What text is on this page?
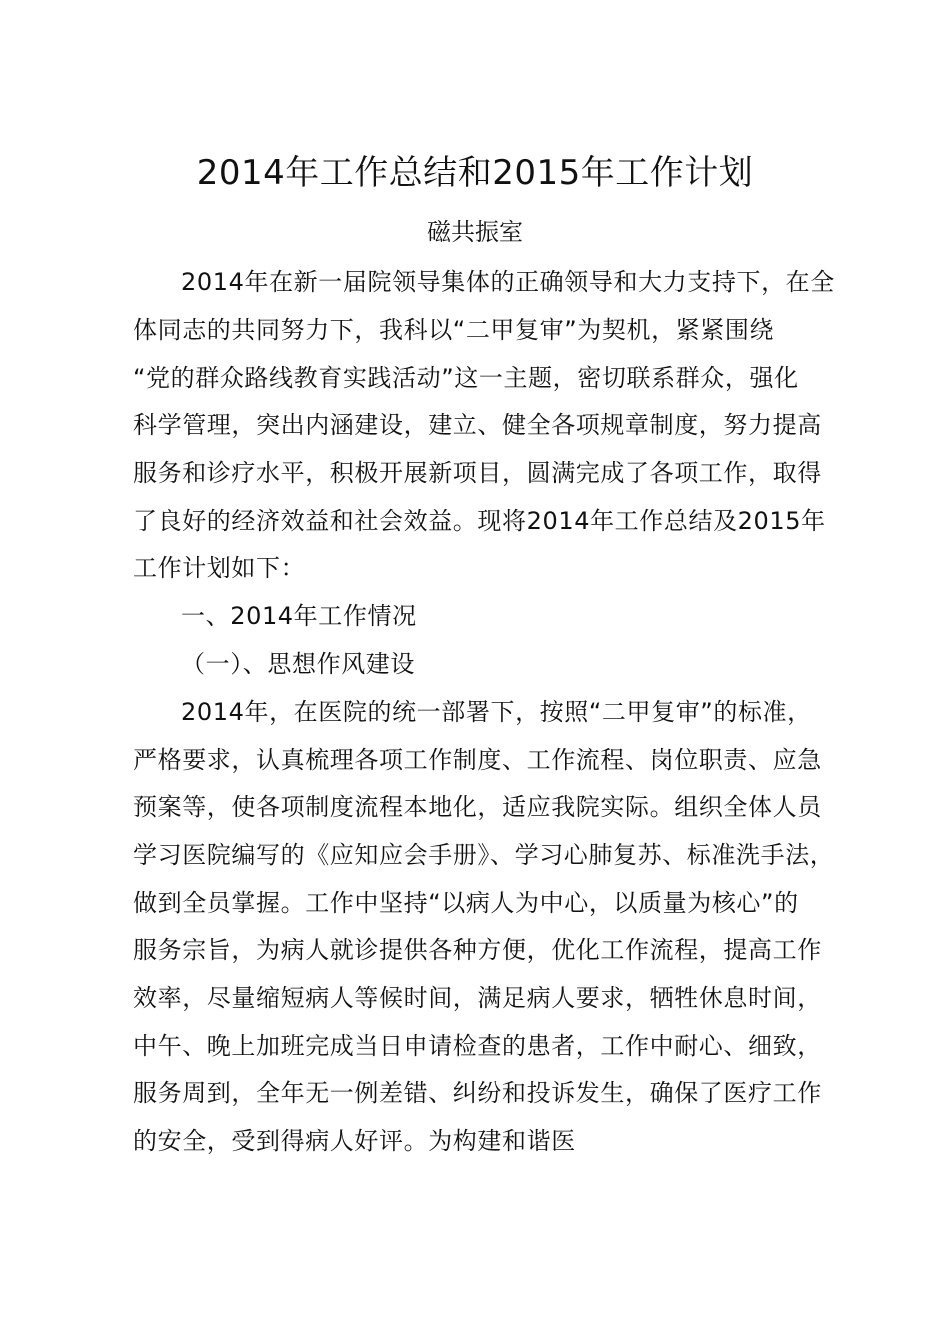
2014年工作总结和2015年工作计划
磁共振室
2014年在新一届院领导集体的正确领导和大力支持下，在全
体同志的共同努力下，我科以“二甲复审”为契机，紧紧围绕
“党的群众路线教育实践活动”这一主题，密切联系群众，强化
科学管理，突出内涵建设，建立、健全各项规章制度，努力提高
服务和诊疗水平，积极开展新项目，圆满完成了各项工作，取得
了良好的经济效益和社会效益。现将2014年工作总结及2015年
工作计划如下：
一、2014年工作情况
（一）、思想作风建设
2014年，在医院的统一部署下，按照“二甲复审”的标准，
严格要求，认真梳理各项工作制度、工作流程、岗位职责、应急
预案等，使各项制度流程本地化，适应我院实际。组织全体人员
学习医院编写的《应知应会手册》、学习心肺复苏、标准洗手法，
做到全员掌握。工作中坚持“以病人为中心，以质量为核心”的
服务宗旨，为病人就诊提供各种方便，优化工作流程，提高工作
效率，尽量缩短病人等候时间，满足病人要求，牺牲休息时间，
中午、晚上加班完成当日申请检查的患者，工作中耐心、细致，
服务周到，全年无一例差错、纠纷和投诉发生，确保了医疗工作
的安全，受到得病人好评。为构建和谐医
